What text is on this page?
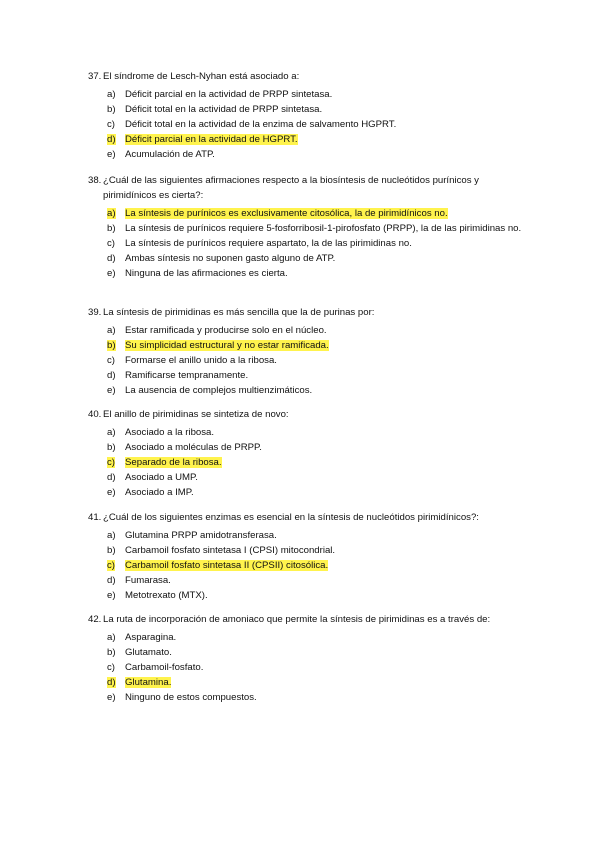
37. El síndrome de Lesch-Nyhan está asociado a:
a) Déficit parcial en la actividad de PRPP sintetasa.
b) Déficit total en la actividad de PRPP sintetasa.
c)	Déficit total en la actividad de la enzima de salvamento HGPRT.
d) Déficit parcial en la actividad de HGPRT.
e) Acumulación de ATP.
38. ¿Cuál de las siguientes afirmaciones respecto a la biosíntesis de nucleótidos purínicos y pirimidínicos es cierta?:
a) La síntesis de purínicos es exclusivamente citosólica, la de pirimidínicos no.
b) La síntesis de purínicos requiere 5-fosforribosil-1-pirofosfato (PRPP), la de las pirimidinas no.
c)	La síntesis de purínicos requiere aspartato, la de las pirimidinas no.
d) Ambas síntesis no suponen gasto alguno de ATP.
e) Ninguna de las afirmaciones es cierta.
39. La síntesis de pirimidinas es más sencilla que la de purinas por:
a) Estar ramificada y producirse solo en el núcleo.
b) Su simplicidad estructural y no estar ramificada.
c)	Formarse el anillo unido a la ribosa.
d) Ramificarse tempranamente.
e) La ausencia de complejos multienzimáticos.
40. El anillo de pirimidinas se sintetiza de novo:
a) Asociado a la ribosa.
b) Asociado a moléculas de PRPP.
c)	Separado de la ribosa.
d) Asociado a UMP.
e) Asociado a IMP.
41. ¿Cuál de los siguientes enzimas es esencial en la síntesis de nucleótidos pirimidínicos?:
a) Glutamina PRPP amidotransferasa.
b) Carbamoil fosfato sintetasa I (CPSI) mitocondrial.
c)	Carbamoil fosfato sintetasa II (CPSII) citosólica.
d) Fumarasa.
e) Metotrexato (MTX).
42. La ruta de incorporación de amoniaco que permite la síntesis de pirimidinas es a través de:
a) Asparagina.
b) Glutamato.
c)	Carbamoil-fosfato.
d) Glutamina.
e) Ninguno de estos compuestos.
